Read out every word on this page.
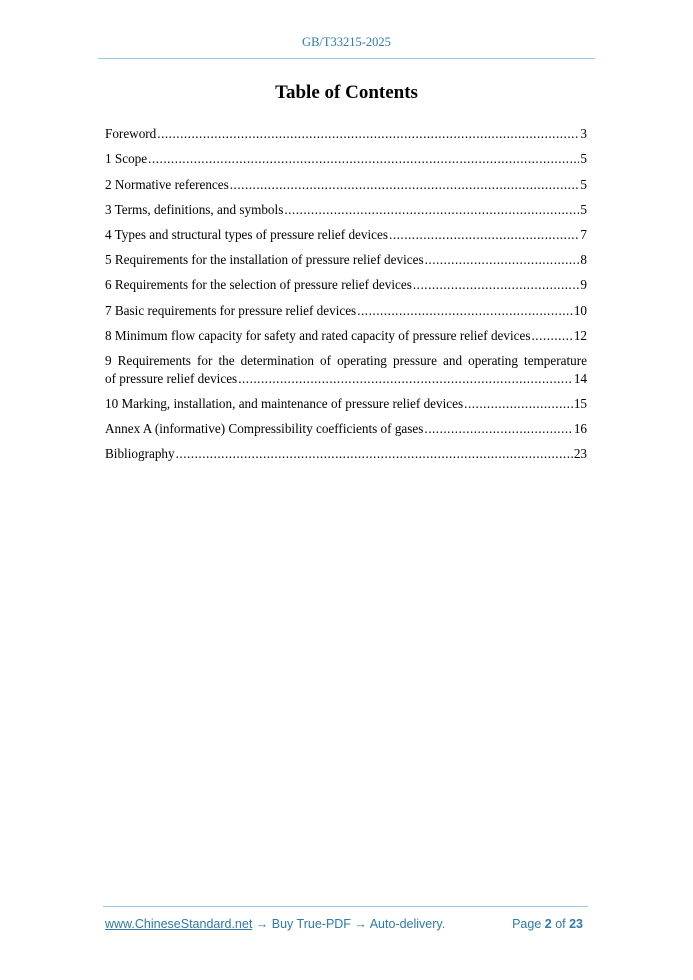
GB/T33215-2025
Table of Contents
Foreword .....	3
1 Scope .....	5
2 Normative references .....	5
3 Terms, definitions, and symbols .....	5
4 Types and structural types of pressure relief devices .....	7
5 Requirements for the installation of pressure relief devices .....	8
6 Requirements for the selection of pressure relief devices .....	9
7 Basic requirements for pressure relief devices .....	10
8 Minimum flow capacity for safety and rated capacity of pressure relief devices .....	12
9 Requirements for the determination of operating pressure and operating temperature
of pressure relief devices .....	14
10 Marking, installation, and maintenance of pressure relief devices .....	15
Annex A (informative) Compressibility coefficients of gases .....	16
Bibliography .....	23
www.ChineseStandard.net → Buy True-PDF → Auto-delivery.	Page 2 of 23
